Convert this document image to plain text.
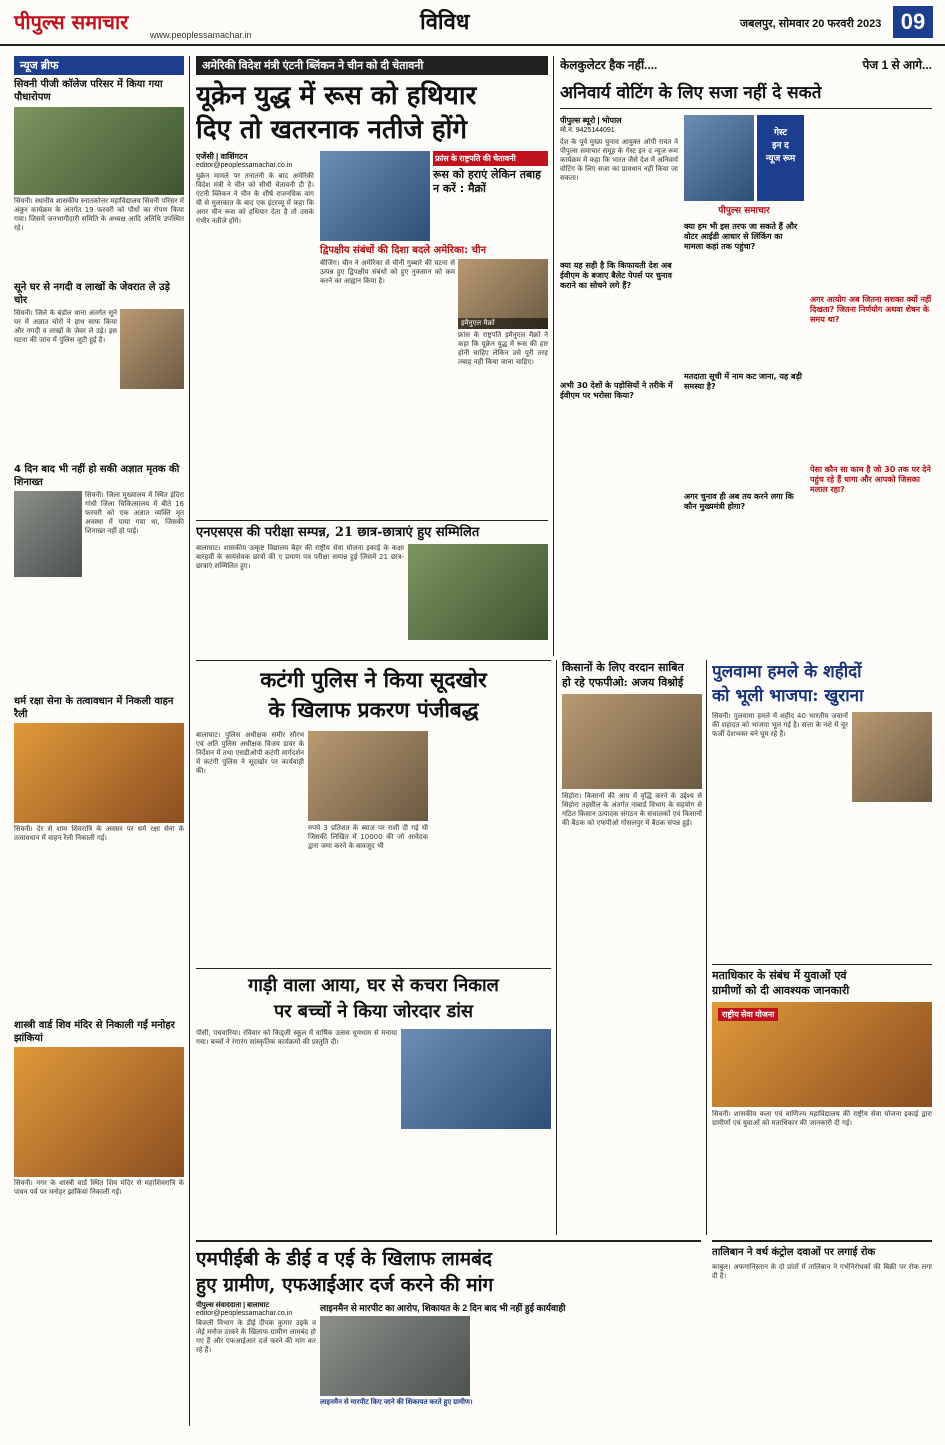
पीपुल्स समाचार
www.peoplessamachar.in	विविध	जबलपुर, सोमवार 20 फरवरी 2023 09
न्यूज ब्रीफ
सिवनी पीजी कॉलेज परिसर में किया गया पौधारोपण
सिवनी। स्थानीय शासकीय स्नातकोत्तर महाविद्यालय सिवनी परिसर में अंकुर कार्यक्रम के अंतर्गत 19 फरवरी को पौधों का रोपण किया गया। जिसमें जनभागीदारी समिति के अध्यक्ष आदि अतिथि उपस्थित रहे।
सूने घर से नगदी व लाखों के जेवरात ले उड़े चोर
सिवनी। जिले के बंडोल थाना अंतर्गत सूने घर में अज्ञात चोरों ने हाथ साफ किया और नगदी व लाखों के जेवर ले उड़े। इस घटना की जांच में पुलिस जुटी हुई है।
4 दिन बाद भी नहीं हो सकी अज्ञात मृतक की शिनाख्त
सिवनी। जिला मुख्यालय में स्थित इंदिरा गांधी जिला चिकित्सालय में बीते 16 फरवरी को एक अज्ञात व्यक्ति मृत अवस्था में पाया गया था, जिसकी शिनाख्त नहीं हो पाई।
धर्म रक्षा सेना के तत्वावधान में निकली वाहन रैली
सिवनी। देर से शाम शिवरात्रि के अवसर पर धर्म रक्षा सेना के तत्वावधान में वाहन रैली निकाली गई।
शास्त्री वार्ड शिव मंदिर से निकाली गईं मनोहर झांकियां
सिवनी। नगर के शास्त्री वार्ड स्थित शिव मंदिर से महाशिवरात्रि के पावन पर्व पर मनोहर झांकियां निकाली गईं।
अमेरिकी विदेश मंत्री एंटनी ब्लिंकन ने चीन को दी चेतावनी
यूक्रेन युद्ध में रूस को हथियार
दिए तो खतरनाक नतीजे होंगे
एजेंसी | वाशिंगटन
editor@peoplessamachar.co.in
युक्रेन मामले पर तनातनी के बाद अमेरिकी विदेश मंत्री ने चीन को सीधी चेतावनी दी है। एंटनी ब्लिंकन ने चीन के शीर्ष राजनयिक वांग यी से मुलाकात के बाद एक इंटरव्यू में कहा कि अगर चीन रूस को हथियार देता है तो उसके गंभीर नतीजे होंगे।
फ्रांस के राष्ट्रपति की चेतावनी
रूस को हराएं लेकिन तबाह न करें : मैक्रों
द्विपक्षीय संबंधों की दिशा बदले अमेरिका: चीन
बीजिंग। चीन ने अमेरिका से चीनी गुब्बारे की घटना से उत्पन्न हुए द्विपक्षीय संबंधों को हुए नुकसान को कम करने का आह्वान किया है।
इमैनुएल मैक्रों
फ्रांस के राष्ट्रपति इमैनुएल मैक्रों ने कहा कि यूक्रेन युद्ध में रूस की हार होनी चाहिए लेकिन उसे पूरी तरह तबाह नहीं किया जाना चाहिए।
एनएसएस की परीक्षा सम्पन्न, 21 छात्र-छात्राएं हुए सम्मिलित
बालाघाट। शासकीय उत्कृष्ट विद्यालय बैहर की राष्ट्रीय सेवा योजना इकाई के कक्षा बारहवीं के स्वयंसेवक छात्रों की ए प्रमाण पत्र परीक्षा सम्पन्न हुई जिसमें 21 छात्र-छात्राएं सम्मिलित हुए।
केलकुलेटर हैक नहीं....	पेज 1 से आगे...
अनिवार्य वोटिंग के लिए सजा नहीं दे सकते
पीपुल्स ब्यूरो | भोपाल
मो.नं. 9425144091
देश के पूर्व मुख्य चुनाव आयुक्त ओपी रावत ने पीपुल्स समाचार समूह के गेस्ट इन द न्यूज रूम कार्यक्रम में कहा कि भारत जैसे देश में अनिवार्य वोटिंग के लिए सजा का प्रावधान नहीं किया जा सकता।
क्या यह सही है कि किफायती देश अब ईवीएम के बजाए बैलेट पेपर्स पर चुनाव कराने का सोचने लगे हैं?
अभी 30 देशों के पड़ोसियों ने तरीके में ईवीएम पर भरोसा किया?
गेस्ट
इन द
न्यूज रूम
पीपुल्स समाचार
क्या हम भी इस तरफ जा सकते हैं और वोटर आईडी आधार से लिंकिंग का मामला कहां तक पहुंचा?
मतदाता सूची में नाम कट जाना, यह बड़ी समस्या है?
अगर चुनाव ही अब तय करने लगा कि कौन मुख्यमंत्री होगा?
अगर आयोग अब जितना सशक्त क्यों नहीं दिखता? जितना निर्णयोग अथवा शेषन के समय था?
पेसा कौन सा काम है जो 30 तक पर देने पहुंच रहे हैं धागा और आपको जिसका मलाल रहा?
कटंगी पुलिस ने किया सूदखोर
के खिलाफ प्रकरण पंजीबद्ध
बालाघाट। पुलिस अधीक्षक समीर सौरभ एवं अति पुलिस अधीक्षक विजय डावर के निर्देशन में तथा एसडीओपी कटंगी मार्गदर्शन में कटंगी पुलिस ने सूदखोर पर कार्यवाही की।
रुपये 3 प्रतिशत के ब्याज पर राशी दी गई थी जिसकी लिखित में 10000 की जो आवेदक द्वारा जमा करने के बावजूद भी
गाड़ी वाला आया, घर से कचरा निकाल
पर बच्चों ने किया जोरदार डांस
पीसीं, पचवारिया। रविवार को किड्जी स्कूल में वार्षिक उत्सव धूमधाम से मनाया गया। बच्चों ने रंगारंग सांस्कृतिक कार्यक्रमों की प्रस्तुति दी।
किसानों के लिए वरदान साबित
हो रहे एफपीओ: अजय विश्नोई
सिहोरा। किसानों की आय में वृद्धि करने के उद्देश्य से सिहोरा तहसील के अंतर्गत नाबार्ड विभाग के सहयोग से गठित किसान उत्पादक संगठन के संचालकों एवं किसानों की बैठक को एफपीओ गोसलपुर में बैठक संपन्न हुई।
पुलवामा हमले के शहीदों
को भूली भाजपा: खुराना
सिवनी। पुलवामा हमले में शहीद 40 भारतीय जवानों की शहादत को भाजपा भूल गई है। सत्ता के नशे में चूर फर्जी देशभक्त बने घूम रहे हैं।
मताधिकार के संबंध में युवाओं एवं
ग्रामीणों को दी आवश्यक जानकारी
राष्ट्रीय सेवा योजना
सिवनी। शासकीय कला एवं वाणिज्य महाविद्यालय की राष्ट्रीय सेवा योजना इकाई द्वारा ग्रामीणों एवं युवाओं को मताधिकार की जानकारी दी गई।
एमपीईबी के डीई व एई के खिलाफ लामबंद
हुए ग्रामीण, एफआईआर दर्ज करने की मांग
पीपुल्स संवाददाता | बालाघाट
editor@peoplessamachar.co.in
बिजली विभाग के डीई दीपक कुमार उइके व जेई मनोज ठाकरे के खिलाफ ग्रामीण लामबंद हो गए हैं और एफआईआर दर्ज करने की मांग कर रहे हैं।
लाइनमैन से मारपीट का आरोप, शिकायत के 2 दिन बाद भी नहीं हुई कार्यवाही
लाइनमैन से मारपीट किए जाने की शिकायत करते हुए ग्रामीण।
तालिबान ने वर्थ कंट्रोल दवाओं पर लगाई रोक
काबुल। अफगानिस्तान के दो प्रांतों में तालिबान ने गर्भनिरोधकों की बिक्री पर रोक लगा दी है।
